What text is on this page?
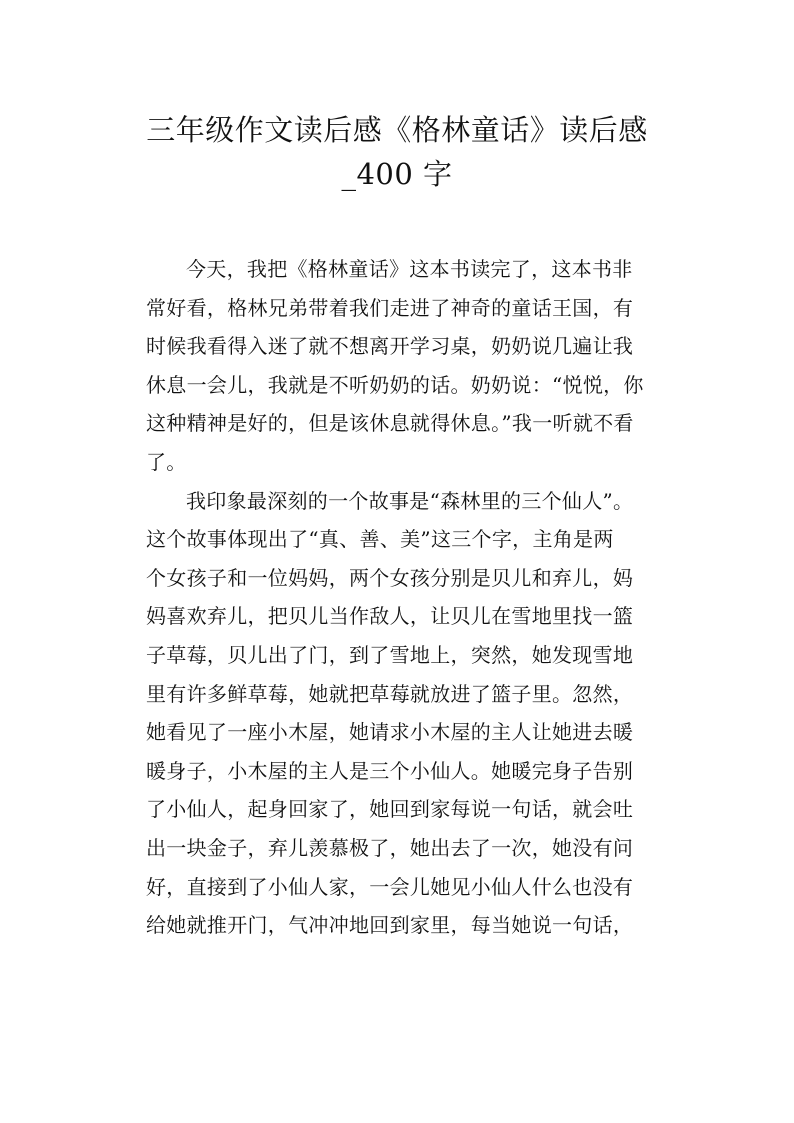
三年级作文读后感《格林童话》读后感
_400 字
今天，我把《格林童话》这本书读完了，这本书非
常好看，格林兄弟带着我们走进了神奇的童话王国，有
时候我看得入迷了就不想离开学习桌，奶奶说几遍让我
休息一会儿，我就是不听奶奶的话。奶奶说：“悦悦，你
这种精神是好的，但是该休息就得休息。”我一听就不看
了。
我印象最深刻的一个故事是“森林里的三个仙人”。
这个故事体现出了“真、善、美”这三个字，主角是两
个女孩子和一位妈妈，两个女孩分别是贝儿和弃儿，妈
妈喜欢弃儿，把贝儿当作敌人，让贝儿在雪地里找一篮
子草莓，贝儿出了门，到了雪地上，突然，她发现雪地
里有许多鲜草莓，她就把草莓就放进了篮子里。忽然，
她看见了一座小木屋，她请求小木屋的主人让她进去暖
暖身子，小木屋的主人是三个小仙人。她暖完身子告别
了小仙人，起身回家了，她回到家每说一句话，就会吐
出一块金子，弃儿羡慕极了，她出去了一次，她没有问
好，直接到了小仙人家，一会儿她见小仙人什么也没有
给她就推开门，气冲冲地回到家里，每当她说一句话，
